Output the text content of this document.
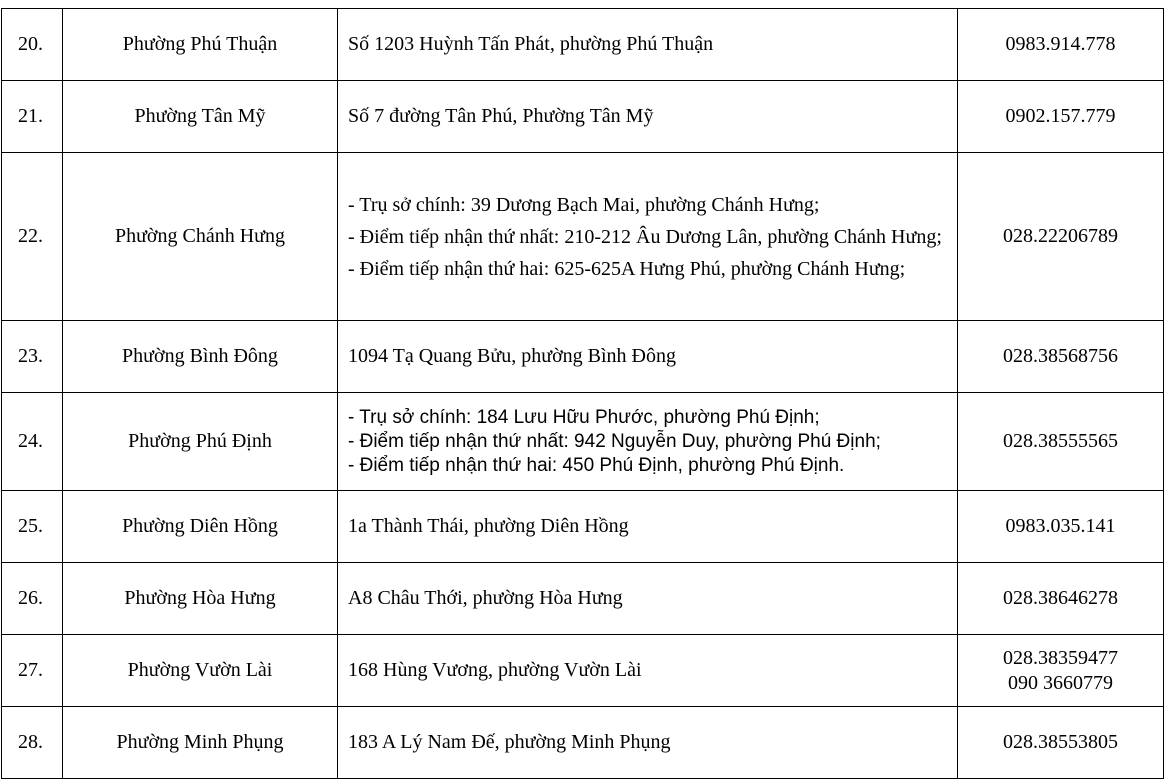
20.	Phường Phú Thuận	Số 1203 Huỳnh Tấn Phát, phường Phú Thuận	0983.914.778
21.	Phường Tân Mỹ	Số 7 đường Tân Phú, Phường Tân Mỹ	0902.157.779
22.	Phường Chánh Hưng	- Trụ sở chính: 39 Dương Bạch Mai, phường Chánh Hưng;

- Điểm tiếp nhận thứ nhất: 210-212 Âu Dương Lân, phường Chánh Hưng;

- Điểm tiếp nhận thứ hai: 625-625A Hưng Phú, phường Chánh Hưng;	028.22206789
23.	Phường Bình Đông	1094 Tạ Quang Bửu, phường Bình Đông	028.38568756
24.	Phường Phú Định	- Trụ sở chính: 184 Lưu Hữu Phước, phường Phú Định;

- Điểm tiếp nhận thứ nhất: 942 Nguyễn Duy, phường Phú Định;

- Điểm tiếp nhận thứ hai: 450 Phú Định, phường Phú Định.	028.38555565
25.	Phường Diên Hồng	1a Thành Thái, phường Diên Hồng	0983.035.141
26.	Phường Hòa Hưng	A8 Châu Thới, phường Hòa Hưng	028.38646278
27.	Phường Vườn Lài	168 Hùng Vương, phường Vườn Lài	028.38359477
090 3660779

28.	Phường Minh Phụng	183 A Lý Nam Đế, phường Minh Phụng	028.38553805
